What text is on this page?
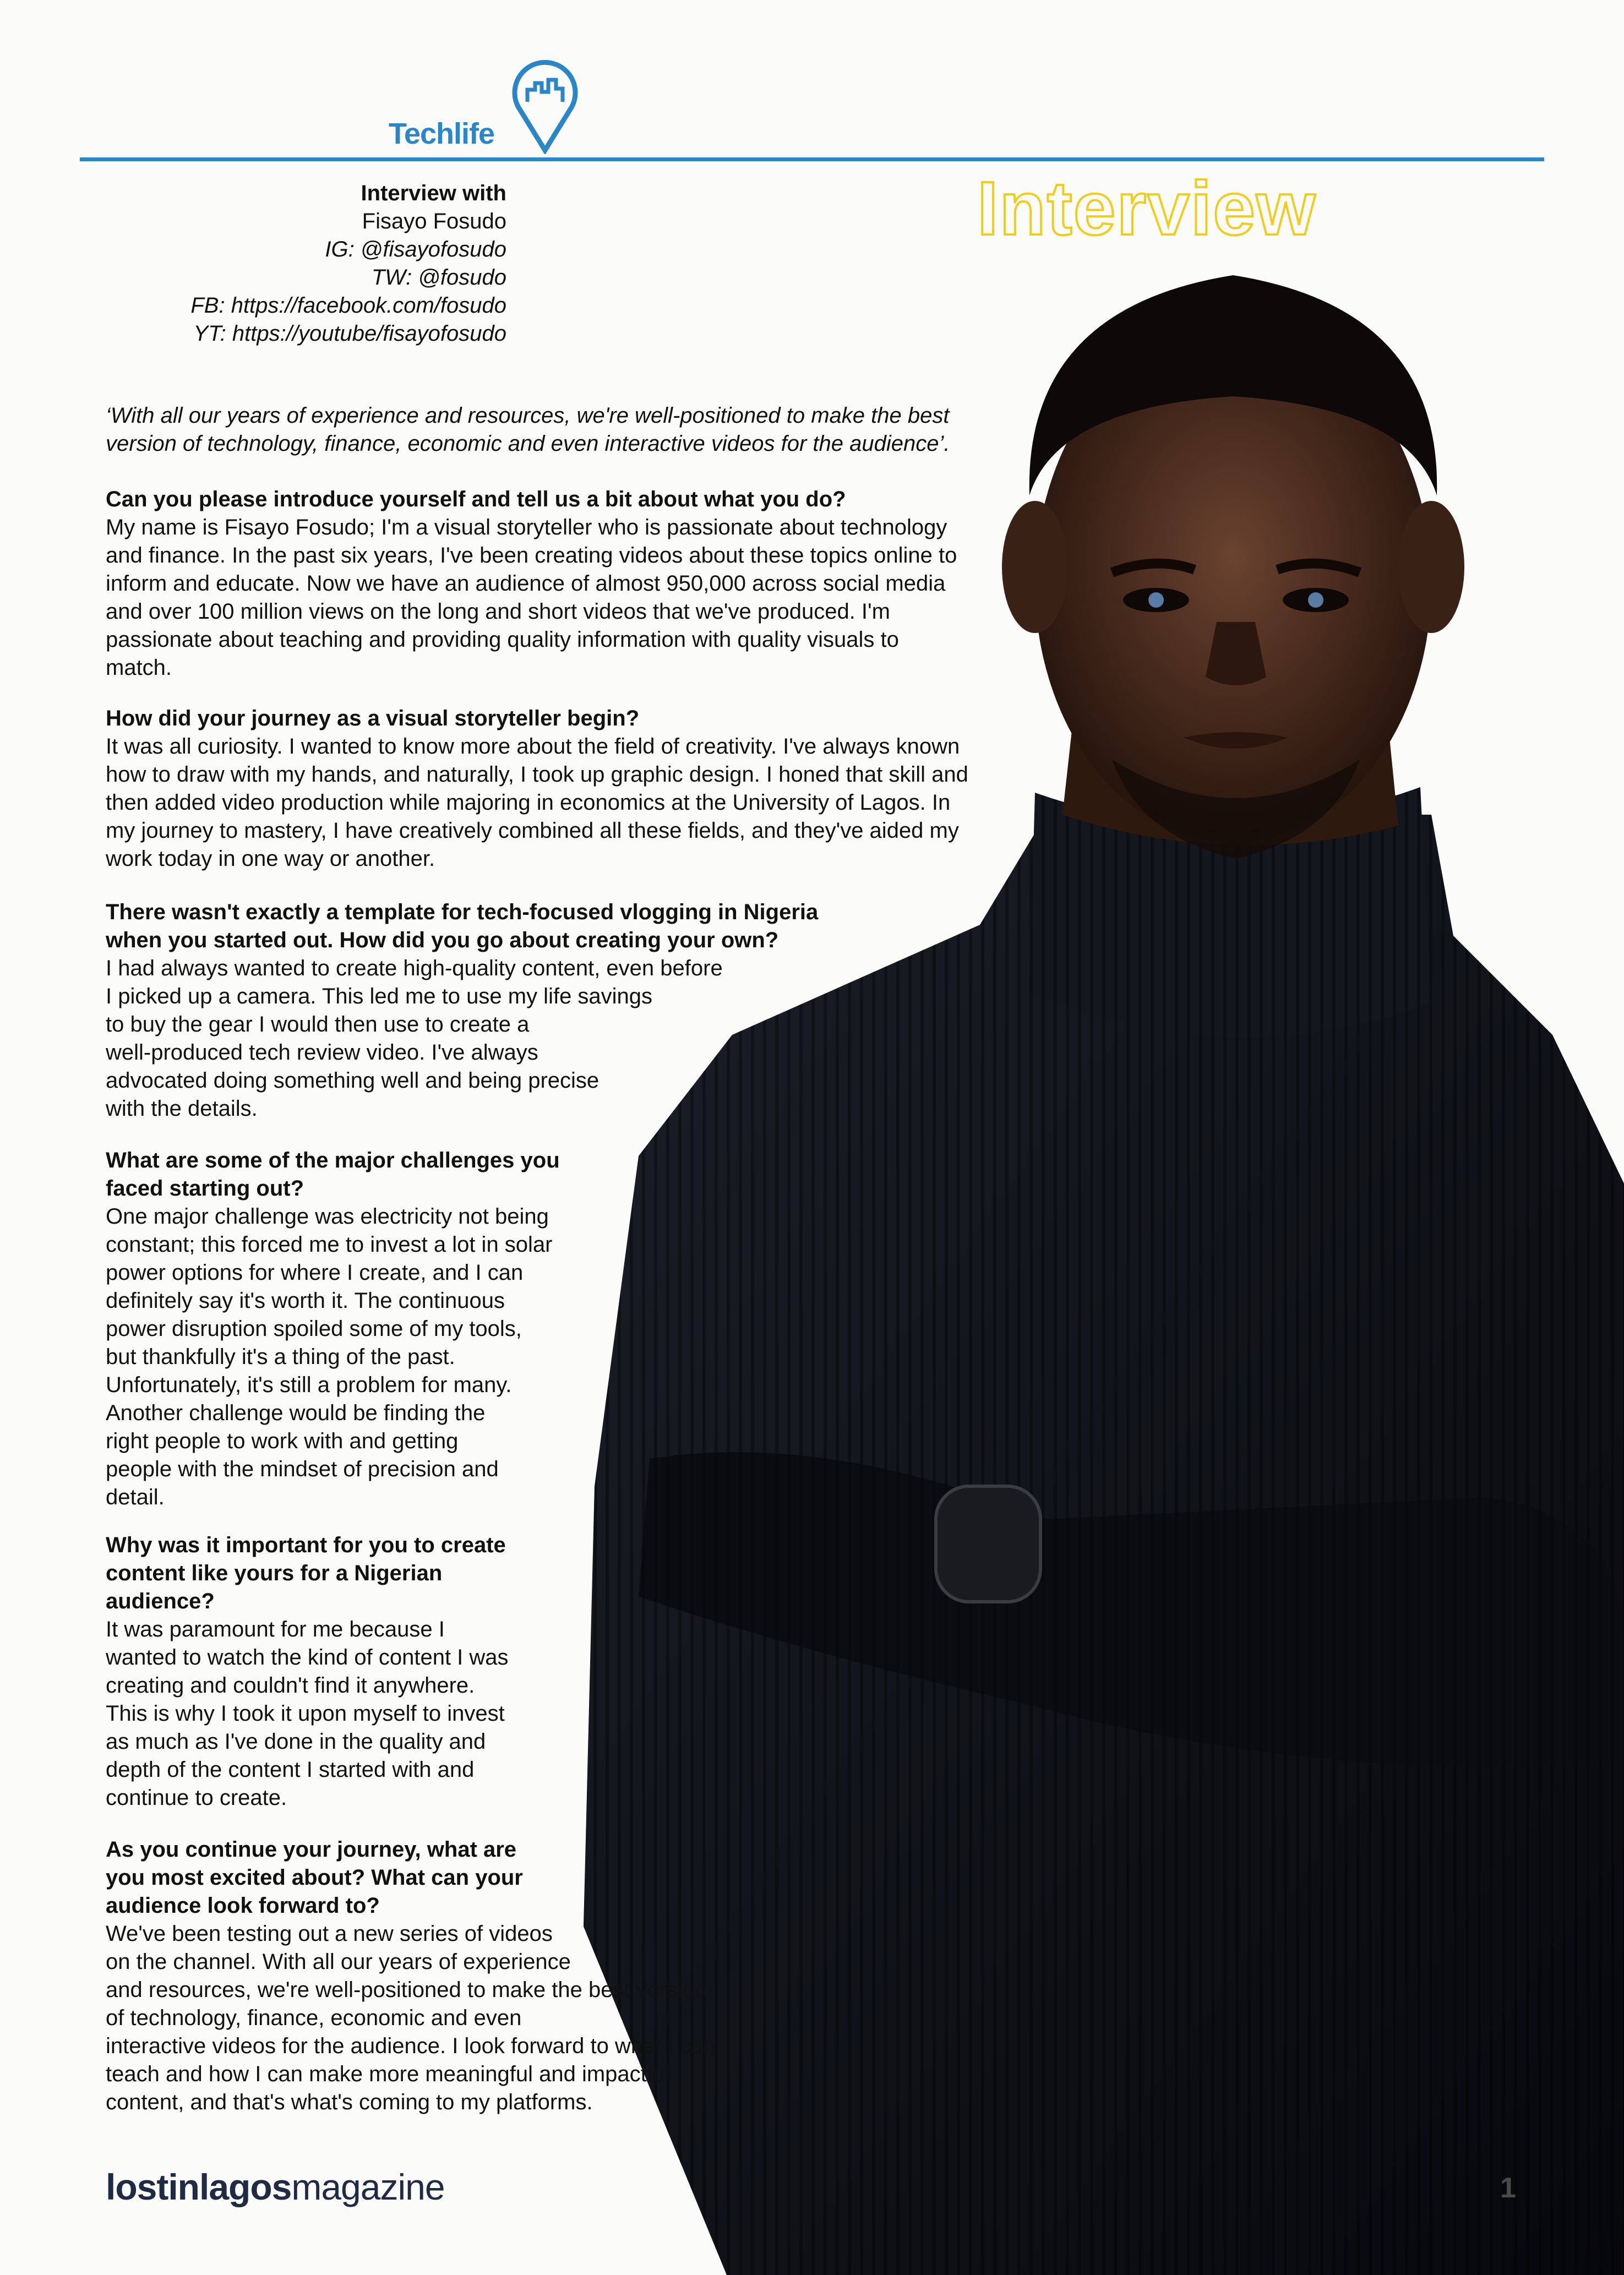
Techlife
Interview
Interview with
Fisayo Fosudo
IG: @fisayofosudo
TW: @fosudo
FB: https://facebook.com/fosudo
YT: https://youtube/fisayofosudo
‘With all our years of experience and resources, we're well-positioned to make the best version of technology, finance, economic and even interactive videos for the audience’.
Can you please introduce yourself and tell us a bit about what you do?
My name is Fisayo Fosudo; I'm a visual storyteller who is passionate about technology
and finance. In the past six years, I've been creating videos about these topics online to
inform and educate. Now we have an audience of almost 950,000 across social media
and over 100 million views on the long and short videos that we've produced. I'm
passionate about teaching and providing quality information with quality visuals to
match.
How did your journey as a visual storyteller begin?
It was all curiosity. I wanted to know more about the field of creativity. I've always known
how to draw with my hands, and naturally, I took up graphic design. I honed that skill and
then added video production while majoring in economics at the University of Lagos. In
my journey to mastery, I have creatively combined all these fields, and they've aided my
work today in one way or another.
There wasn't exactly a template for tech-focused vlogging in Nigeria
when you started out. How did you go about creating your own?
I had always wanted to create high-quality content, even before
I picked up a camera. This led me to use my life savings
to buy the gear I would then use to create a
well-produced tech review video. I've always
advocated doing something well and being precise
with the details.
What are some of the major challenges you
faced starting out?
One major challenge was electricity not being
constant; this forced me to invest a lot in solar
power options for where I create, and I can
definitely say it's worth it. The continuous
power disruption spoiled some of my tools,
but thankfully it's a thing of the past.
Unfortunately, it's still a problem for many.
Another challenge would be finding the
right people to work with and getting
people with the mindset of precision and
detail.
Why was it important for you to create
content like yours for a Nigerian
audience?
It was paramount for me because I
wanted to watch the kind of content I was
creating and couldn't find it anywhere.
This is why I took it upon myself to invest
as much as I've done in the quality and
depth of the content I started with and
continue to create.
As you continue your journey, what are
you most excited about? What can your
audience look forward to?
We've been testing out a new series of videos
on the channel. With all our years of experience
and resources, we're well-positioned to make the best version
of technology, finance, economic and even
interactive videos for the audience. I look forward to what I can
teach and how I can make more meaningful and impactful
content, and that's what's coming to my platforms.
lostinlagosmagazine	1
